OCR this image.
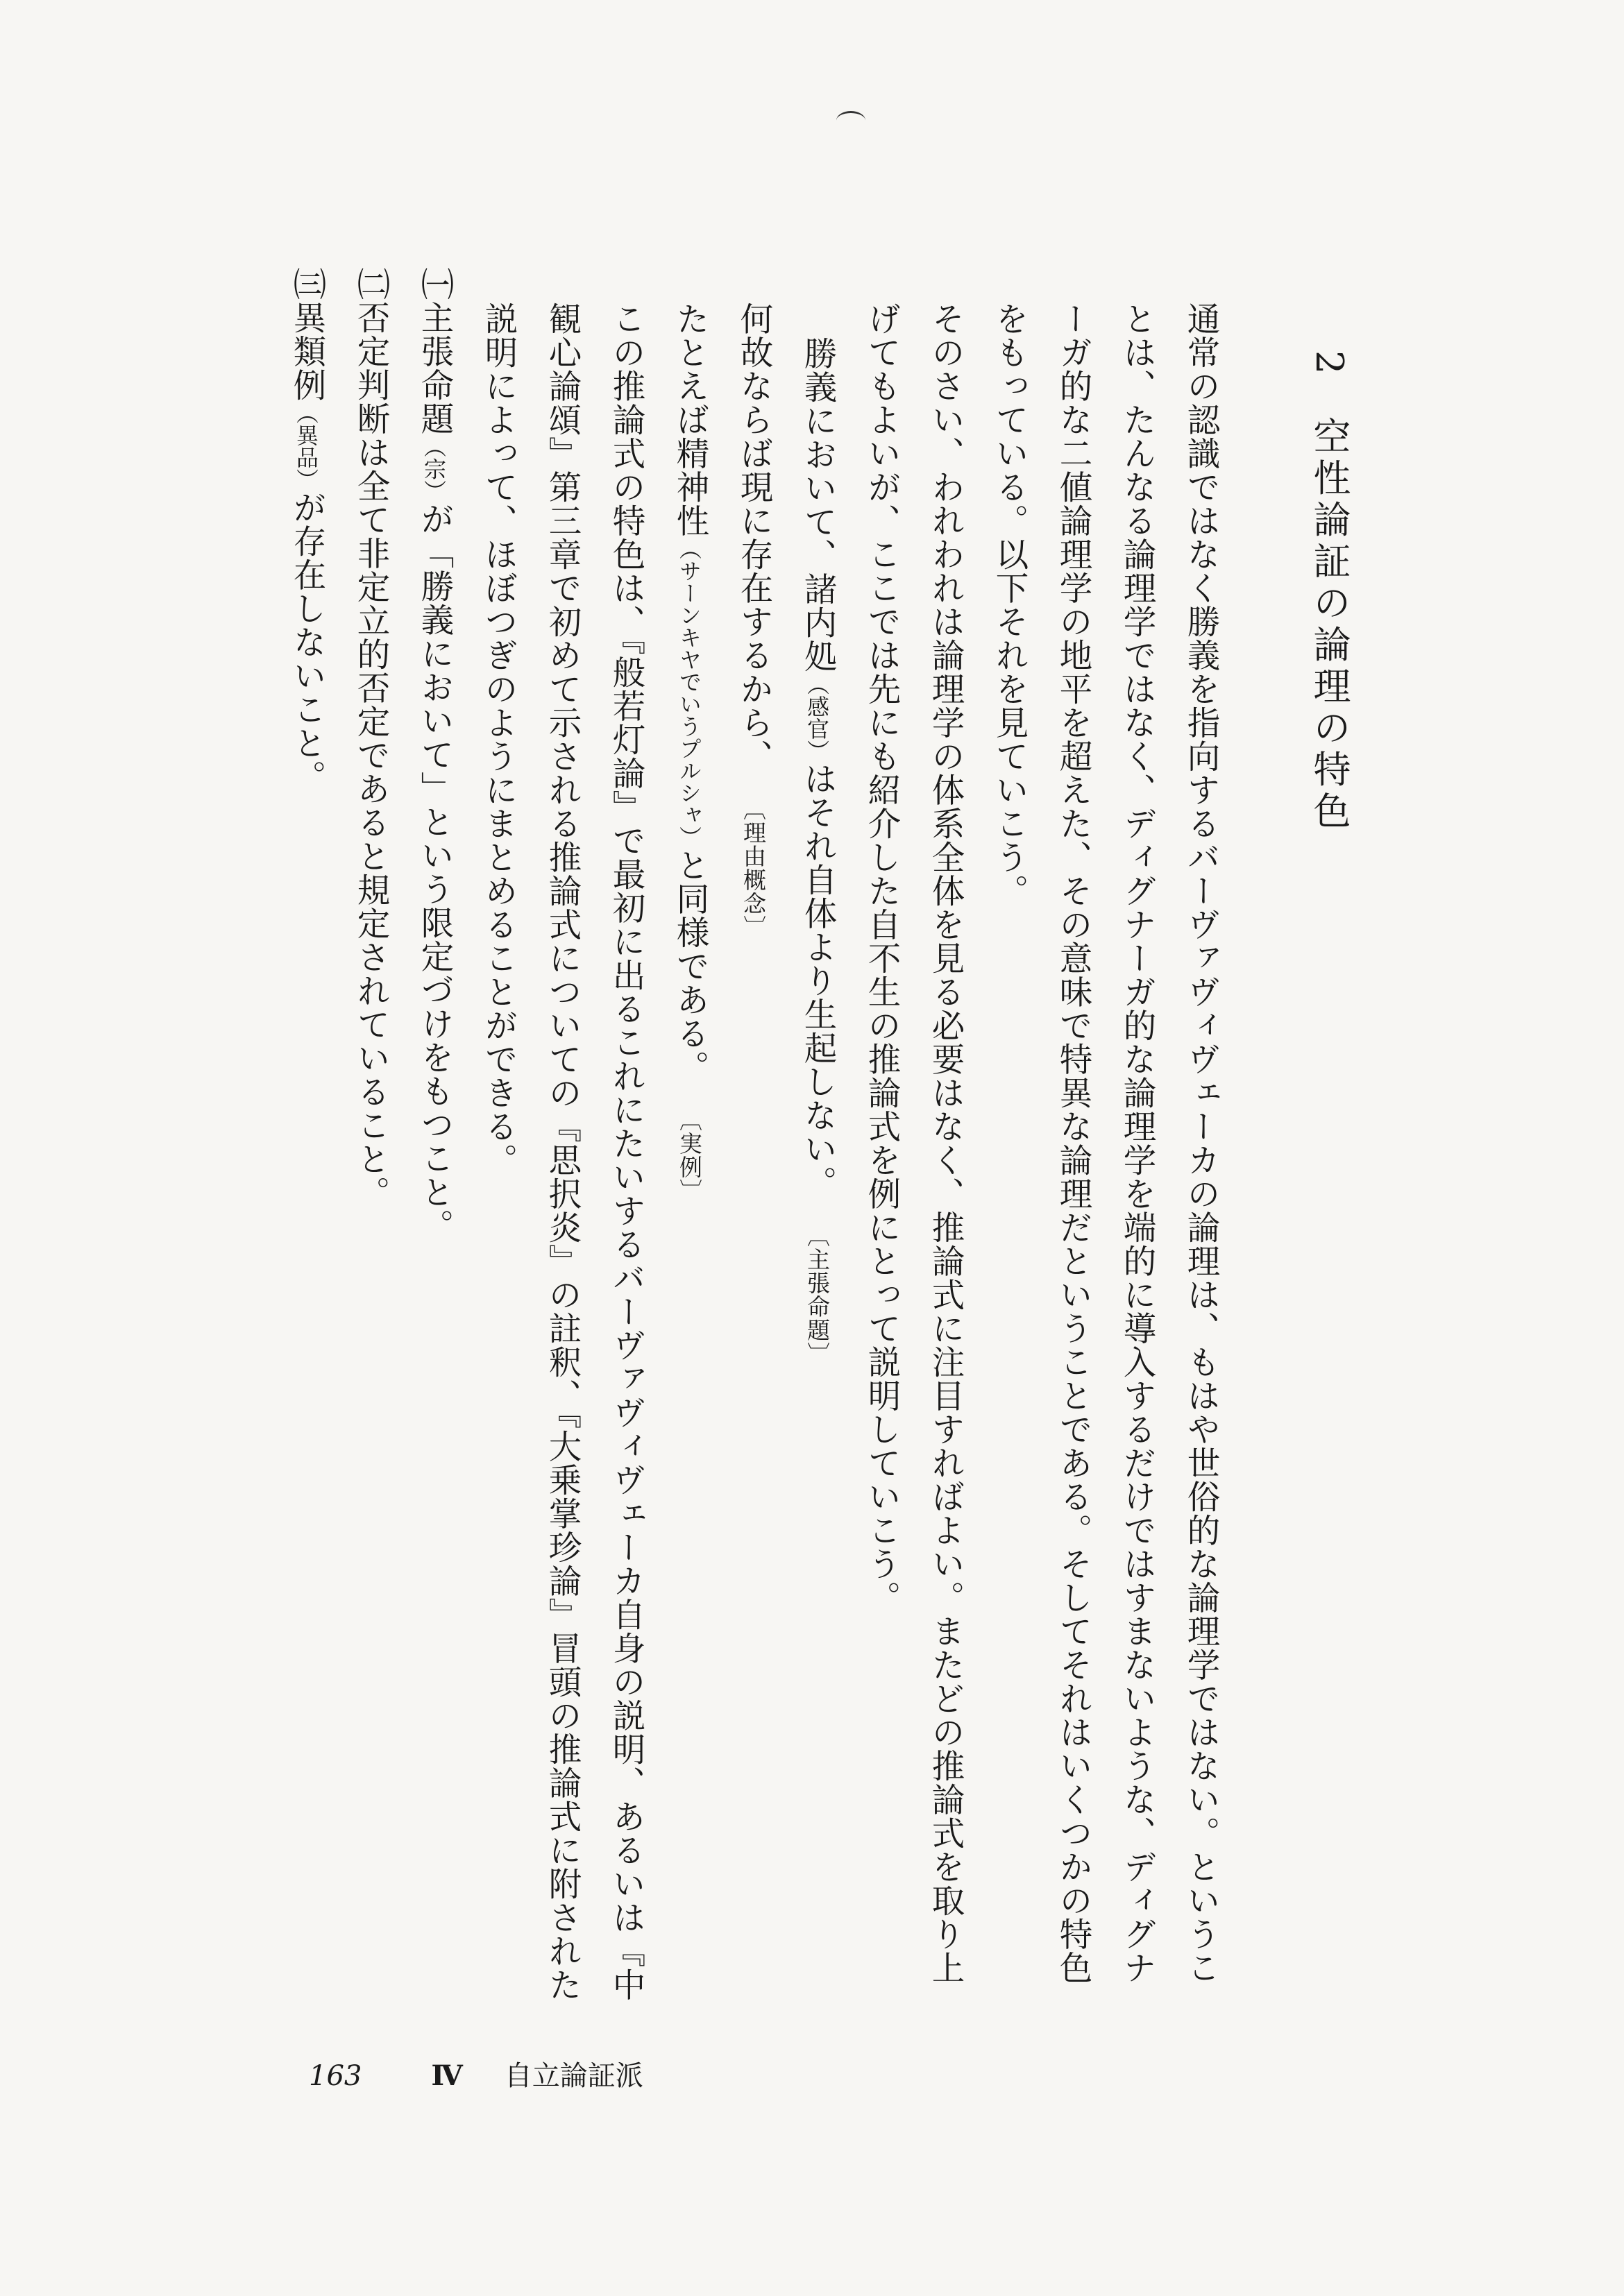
2空性論証の論理の特色

通常の認識ではなく勝義を指向するバーヴァヴィヴェーカの論理は、もはや世俗的な論理学ではない。ということは、たんなる論理学ではなく、ディグナーガ的な論理学を端的に導入するだけではすまないような、ディグナーガ的な二値論理学の地平を超えた、その意味で特異な論理だということである。そしてそれはいくつかの特色をもっている。以下それを見ていこう。

そのさい、われわれは論理学の体系全体を見る必要はなく、推論式に注目すればよい。またどの推論式を取り上げてもよいが、ここでは先にも紹介した自不生の推論式を例にとって説明していこう。

勝義において、諸内処（感官）はそれ自体より生起しない。〔主張命題〕

何故ならば現に存在するから、〔理由概念〕

たとえば精神性（サーンキヤでいうプルシャ）と同様である。〔実例〕

この推論式の特色は、『般若灯論』で最初に出るこれにたいするバーヴァヴィヴェーカ自身の説明、あるいは『中観心論頌』第三章で初めて示される推論式についての『思択炎』の註釈、『大乗掌珍論』冒頭の推論式に附された説明によって、ほぼつぎのようにまとめることができる。

㈠主張命題（宗）が「勝義において」という限定づけをもつこと。

㈡否定判断は全て非定立的否定であると規定されていること。

㈢異類例（異品）が存在しないこと。

163	Ⅳ 自立論証派
